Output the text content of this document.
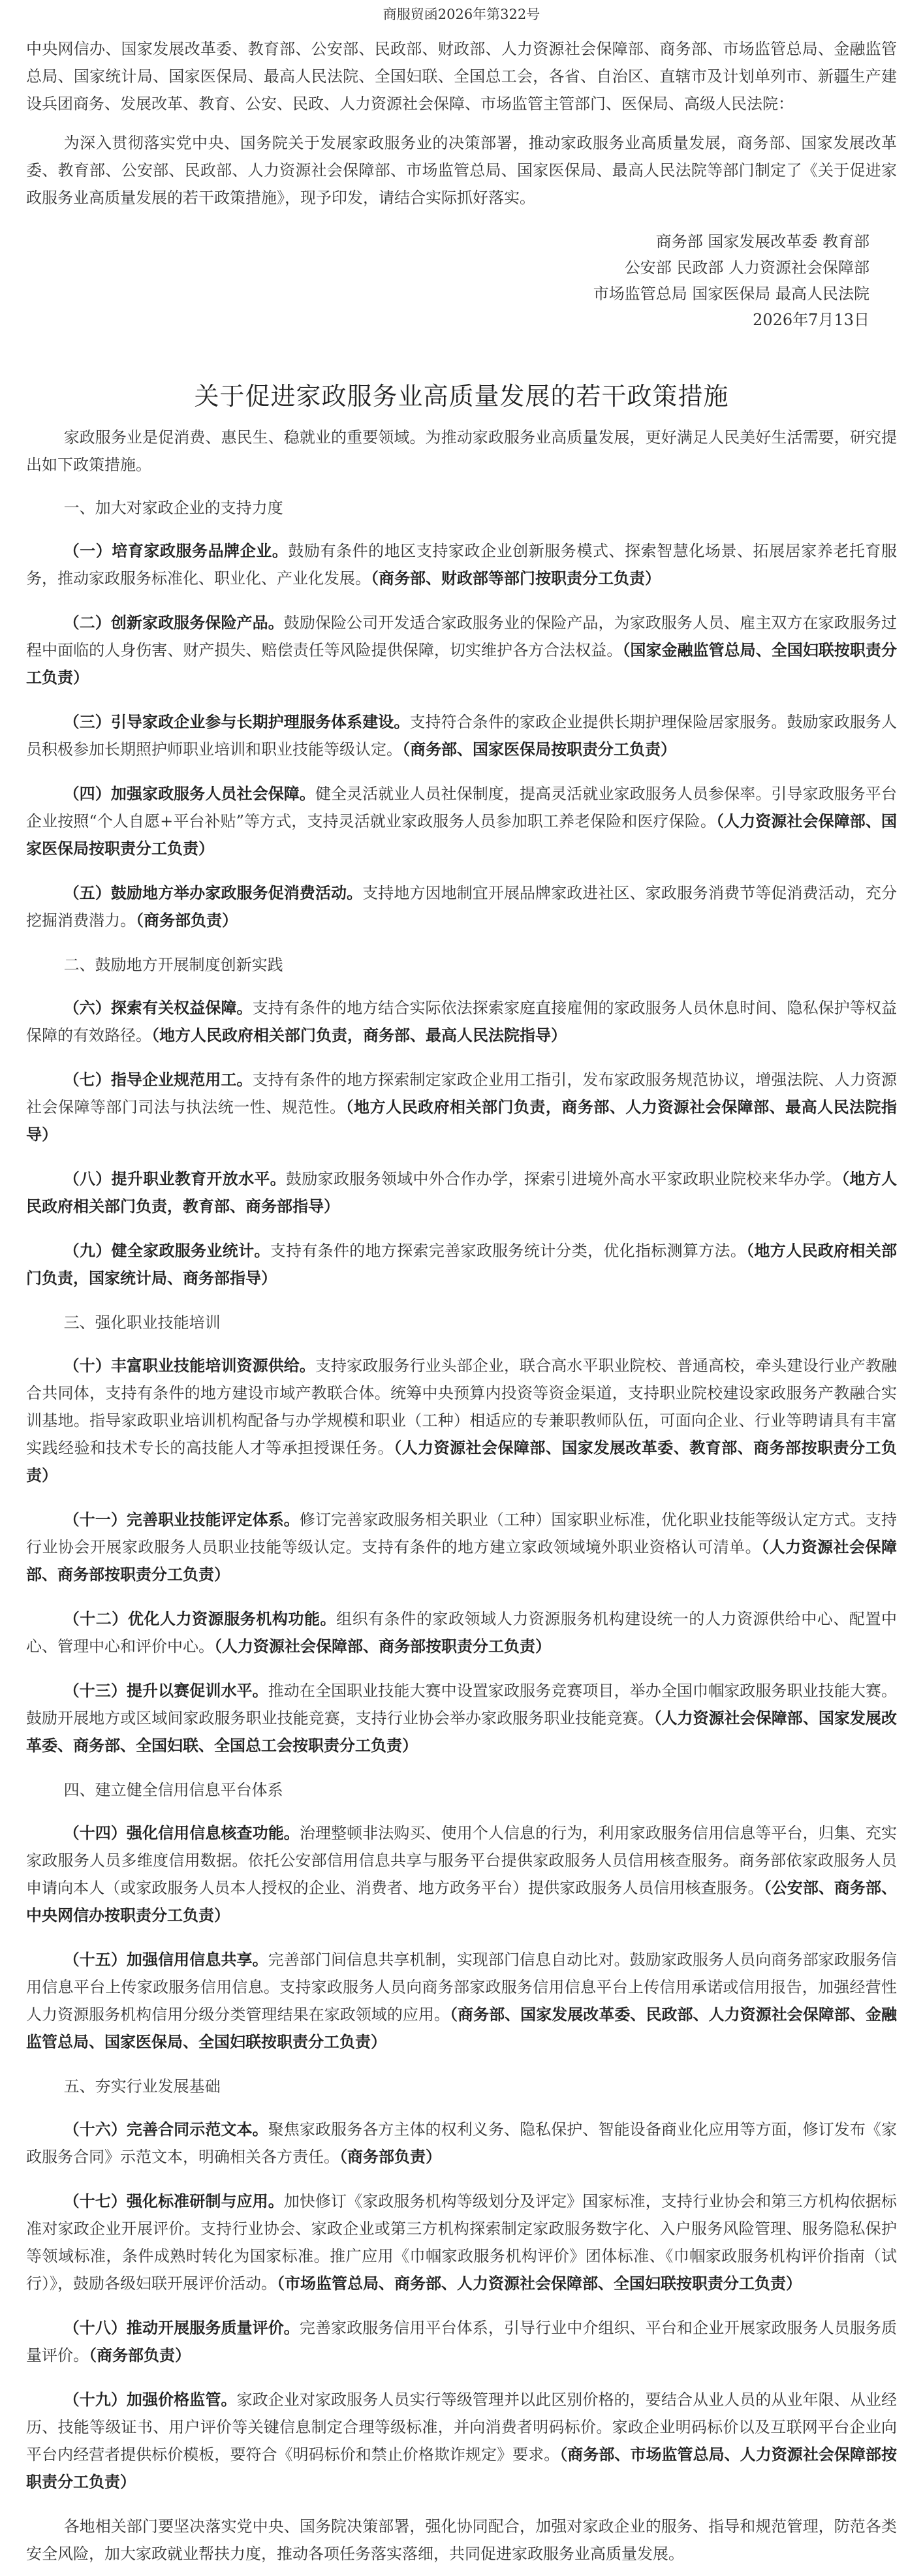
商服贸函2026年第322号
中央网信办、国家发展改革委、教育部、公安部、民政部、财政部、人力资源社会保障部、商务部、市场监管总局、金融监管总局、国家统计局、国家医保局、最高人民法院、全国妇联、全国总工会，各省、自治区、直辖市及计划单列市、新疆生产建设兵团商务、发展改革、教育、公安、民政、人力资源社会保障、市场监管主管部门、医保局、高级人民法院：
为深入贯彻落实党中央、国务院关于发展家政服务业的决策部署，推动家政服务业高质量发展，商务部、国家发展改革委、教育部、公安部、民政部、人力资源社会保障部、市场监管总局、国家医保局、最高人民法院等部门制定了《关于促进家政服务业高质量发展的若干政策措施》，现予印发，请结合实际抓好落实。
商务部 国家发展改革委 教育部
公安部 民政部 人力资源社会保障部
市场监管总局 国家医保局 最高人民法院
2026年7月13日
关于促进家政服务业高质量发展的若干政策措施
家政服务业是促消费、惠民生、稳就业的重要领域。为推动家政服务业高质量发展，更好满足人民美好生活需要，研究提出如下政策措施。
一、加大对家政企业的支持力度
（一）培育家政服务品牌企业。鼓励有条件的地区支持家政企业创新服务模式、探索智慧化场景、拓展居家养老托育服务，推动家政服务标准化、职业化、产业化发展。（商务部、财政部等部门按职责分工负责）
（二）创新家政服务保险产品。鼓励保险公司开发适合家政服务业的保险产品，为家政服务人员、雇主双方在家政服务过程中面临的人身伤害、财产损失、赔偿责任等风险提供保障，切实维护各方合法权益。（国家金融监管总局、全国妇联按职责分工负责）
（三）引导家政企业参与长期护理服务体系建设。支持符合条件的家政企业提供长期护理保险居家服务。鼓励家政服务人员积极参加长期照护师职业培训和职业技能等级认定。（商务部、国家医保局按职责分工负责）
（四）加强家政服务人员社会保障。健全灵活就业人员社保制度，提高灵活就业家政服务人员参保率。引导家政服务平台企业按照“个人自愿+平台补贴”等方式，支持灵活就业家政服务人员参加职工养老保险和医疗保险。（人力资源社会保障部、国家医保局按职责分工负责）
（五）鼓励地方举办家政服务促消费活动。支持地方因地制宜开展品牌家政进社区、家政服务消费节等促消费活动，充分挖掘消费潜力。（商务部负责）
二、鼓励地方开展制度创新实践
（六）探索有关权益保障。支持有条件的地方结合实际依法探索家庭直接雇佣的家政服务人员休息时间、隐私保护等权益保障的有效路径。（地方人民政府相关部门负责，商务部、最高人民法院指导）
（七）指导企业规范用工。支持有条件的地方探索制定家政企业用工指引，发布家政服务规范协议，增强法院、人力资源社会保障等部门司法与执法统一性、规范性。（地方人民政府相关部门负责，商务部、人力资源社会保障部、最高人民法院指导）
（八）提升职业教育开放水平。鼓励家政服务领域中外合作办学，探索引进境外高水平家政职业院校来华办学。（地方人民政府相关部门负责，教育部、商务部指导）
（九）健全家政服务业统计。支持有条件的地方探索完善家政服务统计分类，优化指标测算方法。（地方人民政府相关部门负责，国家统计局、商务部指导）
三、强化职业技能培训
（十）丰富职业技能培训资源供给。支持家政服务行业头部企业，联合高水平职业院校、普通高校，牵头建设行业产教融合共同体，支持有条件的地方建设市域产教联合体。统筹中央预算内投资等资金渠道，支持职业院校建设家政服务产教融合实训基地。指导家政职业培训机构配备与办学规模和职业（工种）相适应的专兼职教师队伍，可面向企业、行业等聘请具有丰富实践经验和技术专长的高技能人才等承担授课任务。（人力资源社会保障部、国家发展改革委、教育部、商务部按职责分工负责）
（十一）完善职业技能评定体系。修订完善家政服务相关职业（工种）国家职业标准，优化职业技能等级认定方式。支持行业协会开展家政服务人员职业技能等级认定。支持有条件的地方建立家政领域境外职业资格认可清单。（人力资源社会保障部、商务部按职责分工负责）
（十二）优化人力资源服务机构功能。组织有条件的家政领域人力资源服务机构建设统一的人力资源供给中心、配置中心、管理中心和评价中心。（人力资源社会保障部、商务部按职责分工负责）
（十三）提升以赛促训水平。推动在全国职业技能大赛中设置家政服务竞赛项目，举办全国巾帼家政服务职业技能大赛。鼓励开展地方或区域间家政服务职业技能竞赛，支持行业协会举办家政服务职业技能竞赛。（人力资源社会保障部、国家发展改革委、商务部、全国妇联、全国总工会按职责分工负责）
四、建立健全信用信息平台体系
（十四）强化信用信息核查功能。治理整顿非法购买、使用个人信息的行为，利用家政服务信用信息等平台，归集、充实家政服务人员多维度信用数据。依托公安部信用信息共享与服务平台提供家政服务人员信用核查服务。商务部依家政服务人员申请向本人（或家政服务人员本人授权的企业、消费者、地方政务平台）提供家政服务人员信用核查服务。（公安部、商务部、中央网信办按职责分工负责）
（十五）加强信用信息共享。完善部门间信息共享机制，实现部门信息自动比对。鼓励家政服务人员向商务部家政服务信用信息平台上传家政服务信用信息。支持家政服务人员向商务部家政服务信用信息平台上传信用承诺或信用报告，加强经营性人力资源服务机构信用分级分类管理结果在家政领域的应用。（商务部、国家发展改革委、民政部、人力资源社会保障部、金融监管总局、国家医保局、全国妇联按职责分工负责）
五、夯实行业发展基础
（十六）完善合同示范文本。聚焦家政服务各方主体的权利义务、隐私保护、智能设备商业化应用等方面，修订发布《家政服务合同》示范文本，明确相关各方责任。（商务部负责）
（十七）强化标准研制与应用。加快修订《家政服务机构等级划分及评定》国家标准，支持行业协会和第三方机构依据标准对家政企业开展评价。支持行业协会、家政企业或第三方机构探索制定家政服务数字化、入户服务风险管理、服务隐私保护等领域标准，条件成熟时转化为国家标准。推广应用《巾帼家政服务机构评价》团体标准、《巾帼家政服务机构评价指南（试行）》，鼓励各级妇联开展评价活动。（市场监管总局、商务部、人力资源社会保障部、全国妇联按职责分工负责）
（十八）推动开展服务质量评价。完善家政服务信用平台体系，引导行业中介组织、平台和企业开展家政服务人员服务质量评价。（商务部负责）
（十九）加强价格监管。家政企业对家政服务人员实行等级管理并以此区别价格的，要结合从业人员的从业年限、从业经历、技能等级证书、用户评价等关键信息制定合理等级标准，并向消费者明码标价。家政企业明码标价以及互联网平台企业向平台内经营者提供标价模板，要符合《明码标价和禁止价格欺诈规定》要求。（商务部、市场监管总局、人力资源社会保障部按职责分工负责）
各地相关部门要坚决落实党中央、国务院决策部署，强化协同配合，加强对家政企业的服务、指导和规范管理，防范各类安全风险，加大家政就业帮扶力度，推动各项任务落实落细，共同促进家政服务业高质量发展。
